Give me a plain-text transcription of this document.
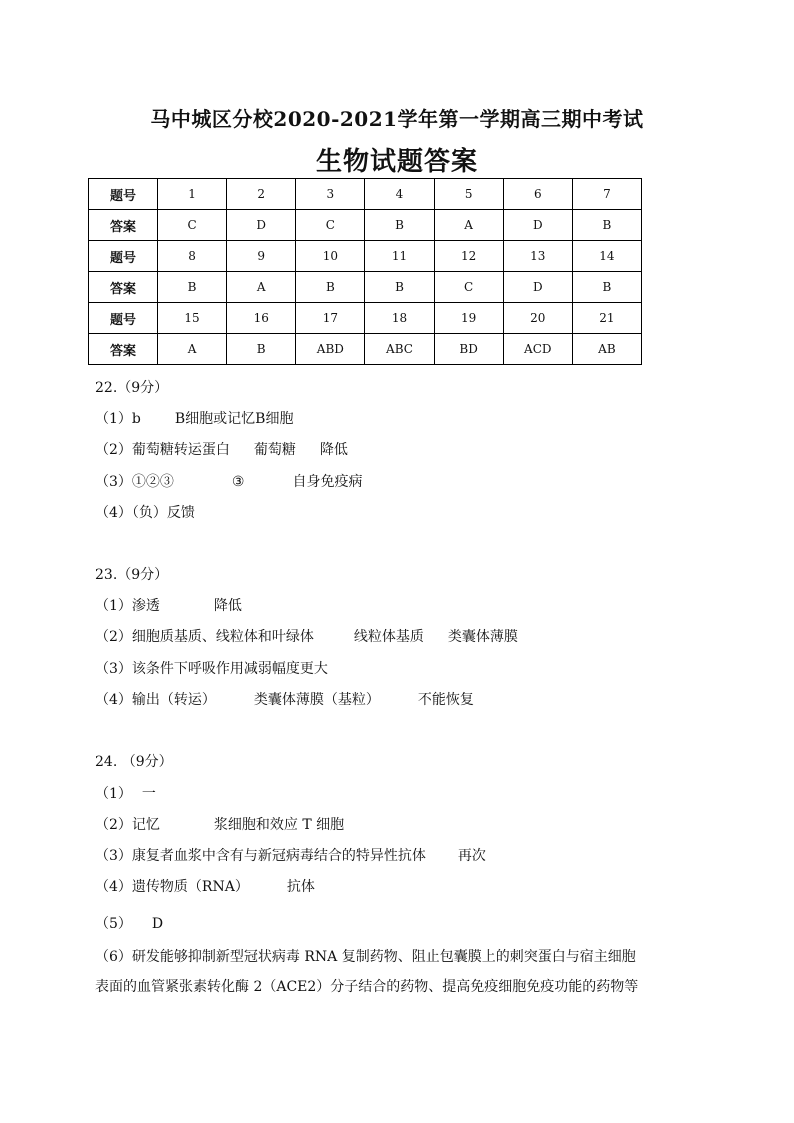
马中城区分校2020-2021学年第一学期高三期中考试
生物试题答案
题号	1	2	3	4	5	6	7
答案	C	D	C	B	A	D	B
题号	8	9	10	11	12	13	14
答案	B	A	B	B	C	D	B
题号	15	16	17	18	19	20	21
答案	A	B	ABD	ABC	BD	ACD	AB
22.（9分）
（1）b B细胞或记忆B细胞
（2）葡萄糖转运蛋白 葡萄糖 降低
（3）①②③	③	自身免疫病
（4）（负）反馈
23.（9分）
（1）渗透	降低
（2）细胞质基质、线粒体和叶绿体	线粒体基质 类囊体薄膜
（3）该条件下呼吸作用减弱幅度更大
（4）输出（转运）	类囊体薄膜（基粒）	不能恢复
24. （9分）
（1） 一
（2）记忆	浆细胞和效应 T 细胞
（3）康复者血浆中含有与新冠病毒结合的特异性抗体 再次
（4）遗传物质（RNA）	抗体
（5） D
（6）研发能够抑制新型冠状病毒 RNA 复制药物、阻止包囊膜上的刺突蛋白与宿主细胞
表面的血管紧张素转化酶 2（ACE2）分子结合的药物、提高免疫细胞免疫功能的药物等
